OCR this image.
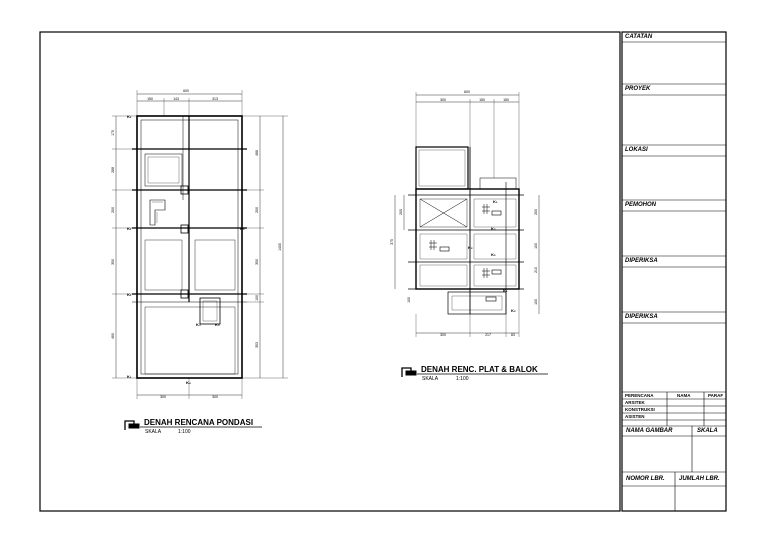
600
150	143	313
175
288
200
350
460
488
200
350
100
353
1400
300	300
K₁
K₁
K₁
K₁
K₂
K₃	K₃
K₄
600
300	150	150
200
375
100
200
100
210
100
300	217	83
K₁
K₂
K₂
K₂
K₁
K₂
DENAH RENCANA PONDASI
SKALA	1:100
DENAH RENC. PLAT & BALOK
SKALA	1:100
CATATAN
PROYEK
LOKASI
PEMOHON
DIPERIKSA
DIPERIKSA
PERENCANA	NAMA	PARAF
ARSITEK
KONSTRUKSI
ASISTEN
NAMA GAMBAR	SKALA
NOMOR LBR. JUMLAH LBR.
